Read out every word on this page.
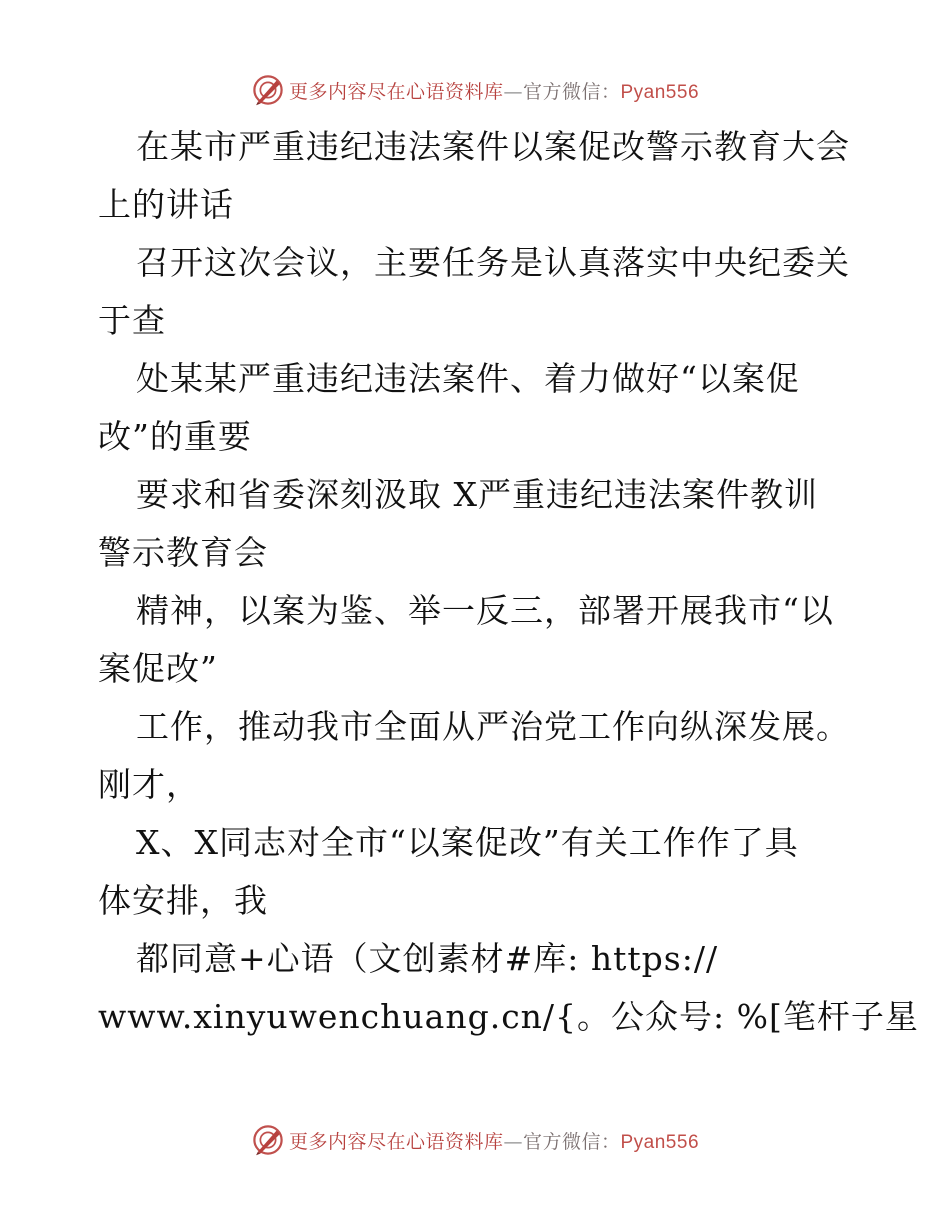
更多内容尽在心语资料库—官方微信：Pyan556
在某市严重违纪违法案件以案促改警示教育大会
上的讲话
召开这次会议，主要任务是认真落实中央纪委关
于查
处某某严重违纪违法案件、着力做好“以案促
改”的重要
要求和省委深刻汲取 X严重违纪违法案件教训
警示教育会
精神，以案为鉴、举一反三，部署开展我市“以
案促改”
工作，推动我市全面从严治党工作向纵深发展。
刚才，
X、X同志对全市“以案促改”有关工作作了具
体安排，我
都同意+心语（文创素材#库: https://
www.xinyuwenchuang.cn/{。公众号: %[笔杆子星
更多内容尽在心语资料库—官方微信：Pyan556
